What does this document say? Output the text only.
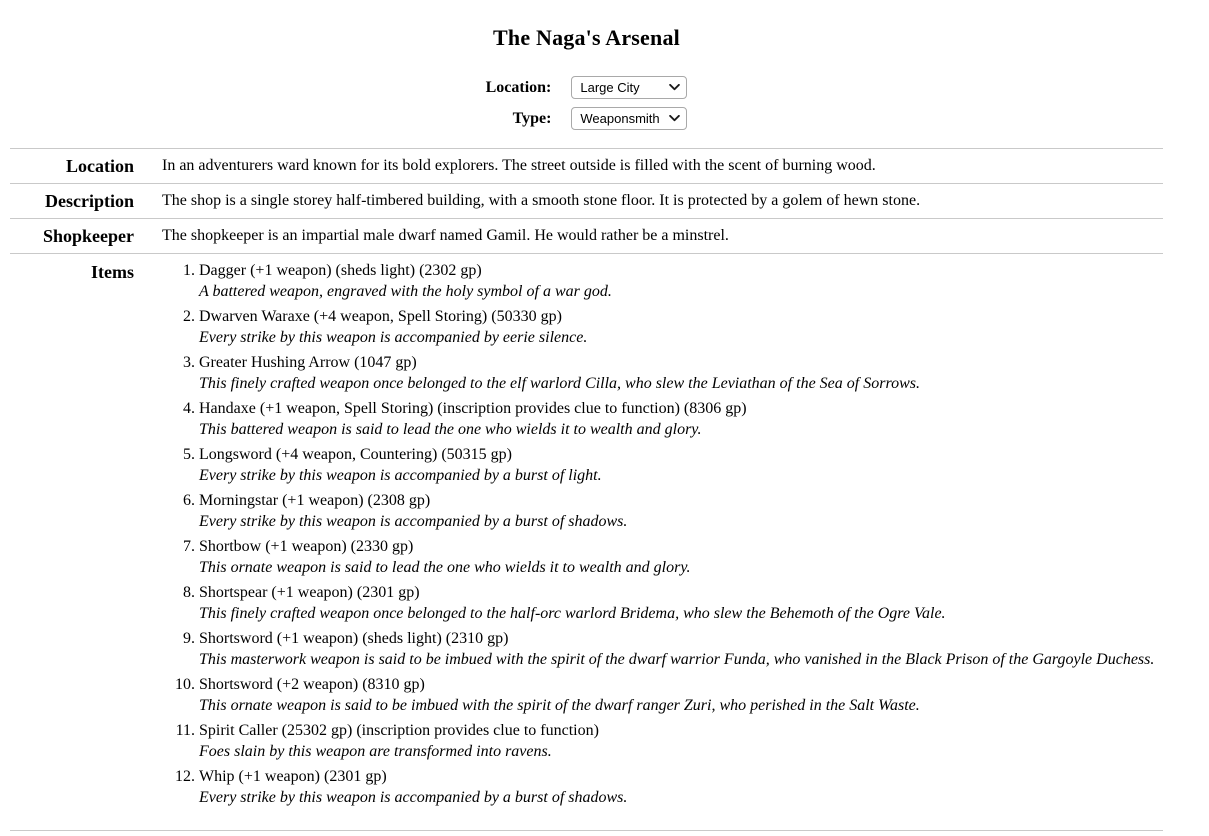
The Naga's Arsenal
Location:
Large City
Type:
Weaponsmith
Location	In an adventurers ward known for its bold explorers. The street outside is filled with the scent of burning wood.
Description	The shop is a single storey half-timbered building, with a smooth stone floor. It is protected by a golem of hewn stone.
Shopkeeper	The shopkeeper is an impartial male dwarf named Gamil. He would rather be a minstrel.
Items	
1.Dagger (+1 weapon) (sheds light) (2302 gp)
A battered weapon, engraved with the holy symbol of a war god.
2. Dwarven Waraxe (+4 weapon, Spell Storing) (50330 gp)
Every strike by this weapon is accompanied by eerie silence.
3. Greater Hushing Arrow (1047 gp)
This finely crafted weapon once belonged to the elf warlord Cilla, who slew the Leviathan of the Sea of Sorrows.
4. Handaxe (+1 weapon, Spell Storing) (inscription provides clue to function) (8306 gp)
This battered weapon is said to lead the one who wields it to wealth and glory.
5. Longsword (+4 weapon, Countering) (50315 gp)
Every strike by this weapon is accompanied by a burst of light.
6. Morningstar (+1 weapon) (2308 gp)
Every strike by this weapon is accompanied by a burst of shadows.
7. Shortbow (+1 weapon) (2330 gp)
This ornate weapon is said to lead the one who wields it to wealth and glory.
8. Shortspear (+1 weapon) (2301 gp)
This finely crafted weapon once belonged to the half-orc warlord Bridema, who slew the Behemoth of the Ogre Vale.
9. Shortsword (+1 weapon) (sheds light) (2310 gp)
This masterwork weapon is said to be imbued with the spirit of the dwarf warrior Funda, who vanished in the Black Prison of the Gargoyle Duchess.
10. Shortsword (+2 weapon) (8310 gp)
This ornate weapon is said to be imbued with the spirit of the dwarf ranger Zuri, who perished in the Salt Waste.
11. Spirit Caller (25302 gp) (inscription provides clue to function)
Foes slain by this weapon are transformed into ravens.
12. Whip (+1 weapon) (2301 gp)
Every strike by this weapon is accompanied by a burst of shadows.
